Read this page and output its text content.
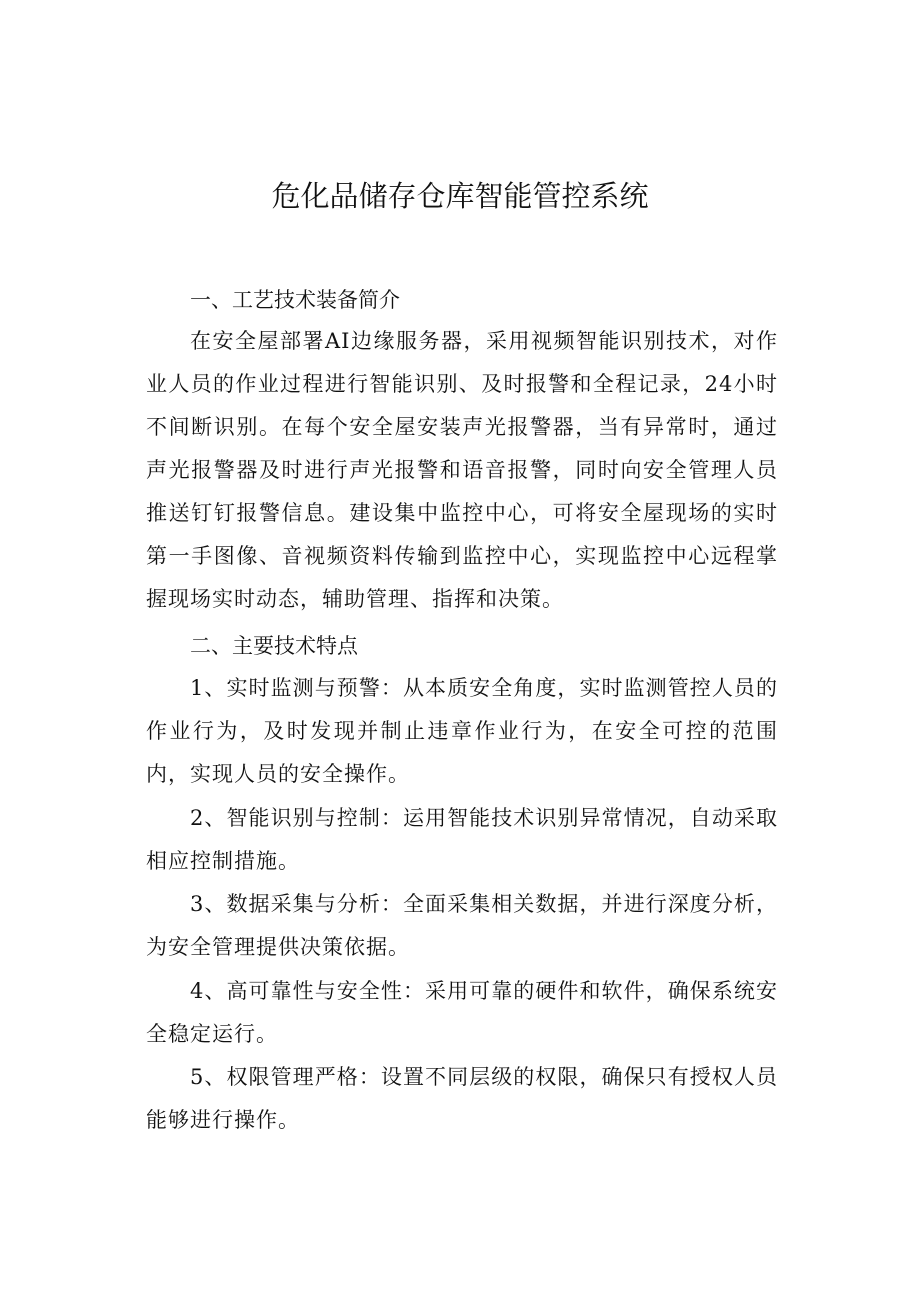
危化品储存仓库智能管控系统
一、工艺技术装备简介

在安全屋部署AI边缘服务器，采用视频智能识别技术，对作业人员的作业过程进行智能识别、及时报警和全程记录，24小时不间断识别。在每个安全屋安装声光报警器，当有异常时，通过声光报警器及时进行声光报警和语音报警，同时向安全管理人员推送钉钉报警信息。建设集中监控中心，可将安全屋现场的实时第一手图像、音视频资料传输到监控中心，实现监控中心远程掌握现场实时动态，辅助管理、指挥和决策。

二、主要技术特点

1、实时监测与预警：从本质安全角度，实时监测管控人员的作业行为，及时发现并制止违章作业行为，在安全可控的范围内，实现人员的安全操作。

2、智能识别与控制：运用智能技术识别异常情况，自动采取相应控制措施。

3、数据采集与分析：全面采集相关数据，并进行深度分析，为安全管理提供决策依据。

4、高可靠性与安全性：采用可靠的硬件和软件，确保系统安全稳定运行。

5、权限管理严格：设置不同层级的权限，确保只有授权人员能够进行操作。
